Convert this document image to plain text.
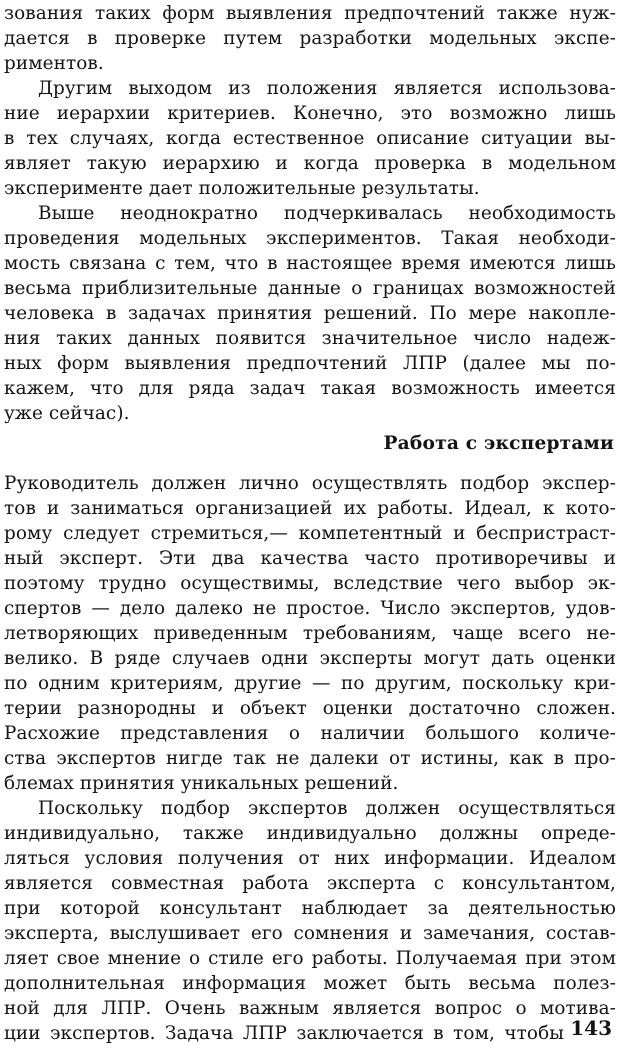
зования таких форм выявления предпочтений также нуж-
дается в проверке путем разработки модельных экспе-
риментов.
Другим выходом из положения является использова-
ние иерархии критериев. Конечно, это возможно лишь
в тех случаях, когда естественное описание ситуации вы-
являет такую иерархию и когда проверка в модельном
эксперименте дает положительные результаты.
Выше неоднократно подчеркивалась необходимость
проведения модельных экспериментов. Такая необходи-
мость связана с тем, что в настоящее время имеются лишь
весьма приблизительные данные о границах возможностей
человека в задачах принятия решений. По мере накопле-
ния таких данных появится значительное число надеж-
ных форм выявления предпочтений ЛПР (далее мы по-
кажем, что для ряда задач такая возможность имеется
уже сейчас).
Работа с экспертами
Руководитель должен лично осуществлять подбор экспер-
тов и заниматься организацией их работы. Идеал, к кото-
рому следует стремиться,— компетентный и беспристраст-
ный эксперт. Эти два качества часто противоречивы и
поэтому трудно осуществимы, вследствие чего выбор эк-
спертов — дело далеко не простое. Число экспертов, удов-
летворяющих приведенным требованиям, чаще всего не-
велико. В ряде случаев одни эксперты могут дать оценки
по одним критериям, другие — по другим, поскольку кри-
терии разнородны и объект оценки достаточно сложен.
Расхожие представления о наличии большого количе-
ства экспертов нигде так не далеки от истины, как в про-
блемах принятия уникальных решений.
Поскольку подбор экспертов должен осуществляться
индивидуально, также индивидуально должны опреде-
ляться условия получения от них информации. Идеалом
является совместная работа эксперта с консультантом,
при которой консультант наблюдает за деятельностью
эксперта, выслушивает его сомнения и замечания, состав-
ляет свое мнение о стиле его работы. Получаемая при этом
дополнительная информация может быть весьма полез-
ной для ЛПР. Очень важным является вопрос о мотива-
ции экспертов. Задача ЛПР заключается в том, чтобы 143
